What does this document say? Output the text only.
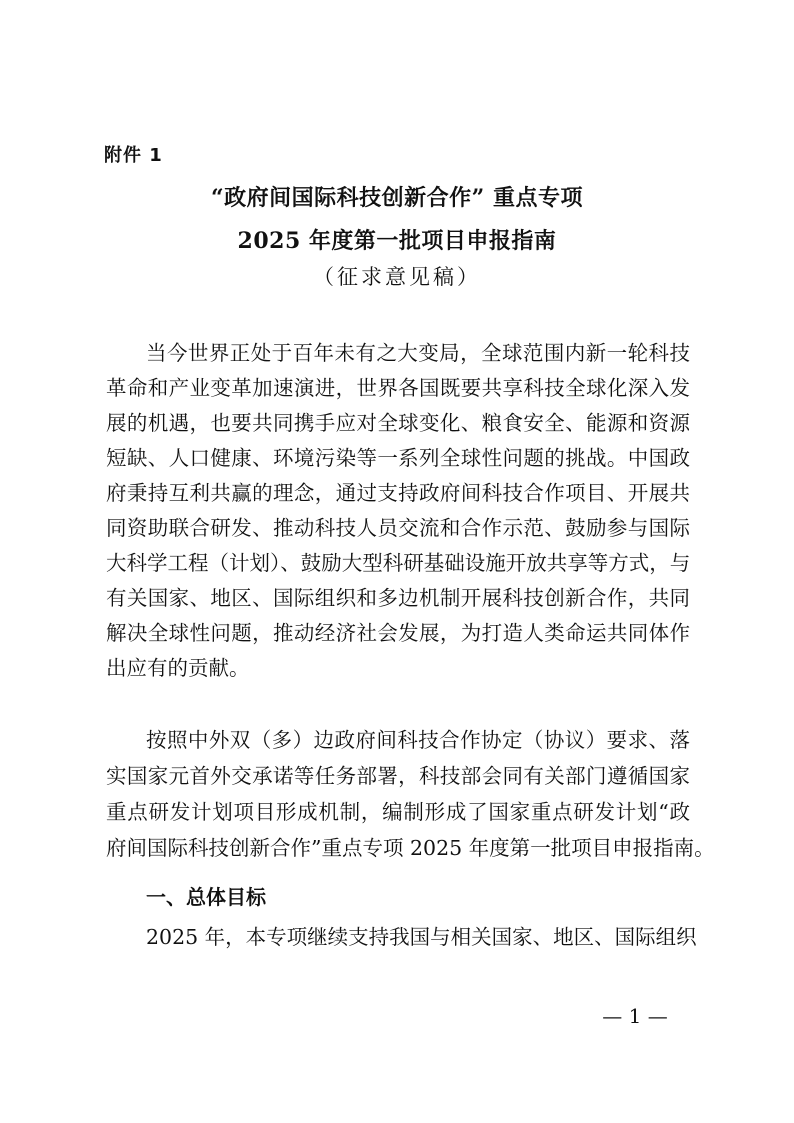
附件 1
“政府间国际科技创新合作” 重点专项
2025 年度第一批项目申报指南
（征求意见稿）
当今世界正处于百年未有之大变局，全球范围内新一轮科技
革命和产业变革加速演进，世界各国既要共享科技全球化深入发
展的机遇，也要共同携手应对全球变化、粮食安全、能源和资源
短缺、人口健康、环境污染等一系列全球性问题的挑战。中国政
府秉持互利共赢的理念，通过支持政府间科技合作项目、开展共
同资助联合研发、推动科技人员交流和合作示范、鼓励参与国际
大科学工程（计划）、鼓励大型科研基础设施开放共享等方式，与
有关国家、地区、国际组织和多边机制开展科技创新合作，共同
解决全球性问题，推动经济社会发展，为打造人类命运共同体作
出应有的贡献。
按照中外双（多）边政府间科技合作协定（协议）要求、落
实国家元首外交承诺等任务部署，科技部会同有关部门遵循国家
重点研发计划项目形成机制，编制形成了国家重点研发计划“政
府间国际科技创新合作”重点专项 2025 年度第一批项目申报指南。
一、总体目标
2025 年，本专项继续支持我国与相关国家、地区、国际组织
— 1 —
